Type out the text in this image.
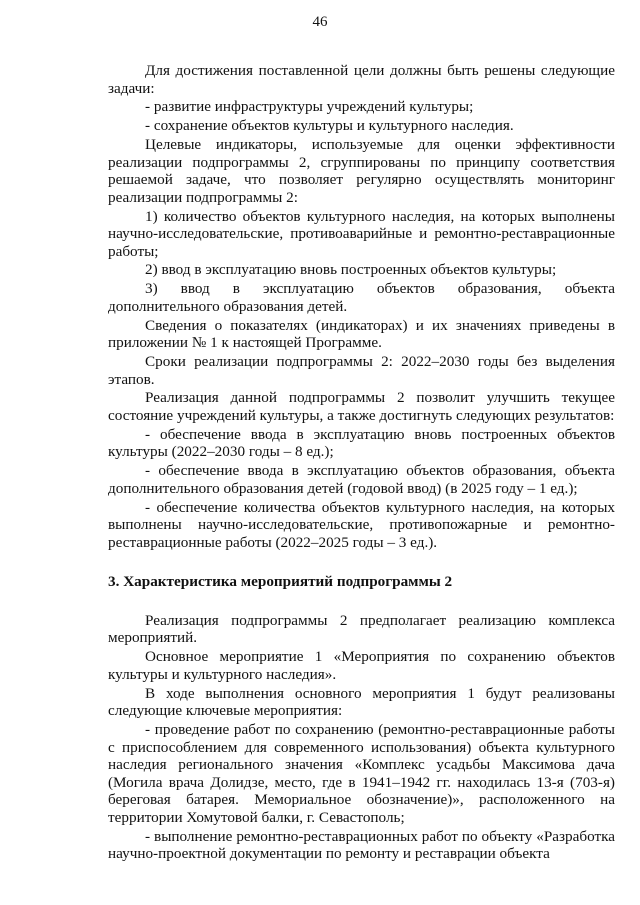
46

Для достижения поставленной цели должны быть решены следующие задачи:

- развитие инфраструктуры учреждений культуры;

- сохранение объектов культуры и культурного наследия.

Целевые индикаторы, используемые для оценки эффективности реализации подпрограммы 2, сгруппированы по принципу соответствия решаемой задаче, что позволяет регулярно осуществлять мониторинг реализации подпрограммы 2:

1) количество объектов культурного наследия, на которых выполнены научно-исследовательские, противоаварийные и ремонтно-реставрационные работы;

2) ввод в эксплуатацию вновь построенных объектов культуры;

3) ввод в эксплуатацию объектов образования, объекта дополнительного образования детей.

Сведения о показателях (индикаторах) и их значениях приведены в приложении № 1 к настоящей Программе.

Сроки реализации подпрограммы 2: 2022–2030 годы без выделения этапов.

Реализация данной подпрограммы 2 позволит улучшить текущее состояние учреждений культуры, а также достигнуть следующих результатов:

- обеспечение ввода в эксплуатацию вновь построенных объектов культуры (2022–2030 годы – 8 ед.);

- обеспечение ввода в эксплуатацию объектов образования, объекта дополнительного образования детей (годовой ввод) (в 2025 году – 1 ед.);

- обеспечение количества объектов культурного наследия, на которых выполнены научно-исследовательские, противопожарные и ремонтно-реставрационные работы (2022–2025 годы – 3 ед.).

3. Характеристика мероприятий подпрограммы 2

Реализация подпрограммы 2 предполагает реализацию комплекса мероприятий.

Основное мероприятие 1 «Мероприятия по сохранению объектов культуры и культурного наследия».

В ходе выполнения основного мероприятия 1 будут реализованы следующие ключевые мероприятия:

- проведение работ по сохранению (ремонтно-реставрационные работы с приспособлением для современного использования) объекта культурного наследия регионального значения «Комплекс усадьбы Максимова дача (Могила врача Долидзе, место, где в 1941–1942 гг. находилась 13-я (703-я) береговая батарея. Мемориальное обозначение)», расположенного на территории Хомутовой балки, г. Севастополь;

- выполнение ремонтно-реставрационных работ по объекту «Разработка научно-проектной документации по ремонту и реставрации объекта
